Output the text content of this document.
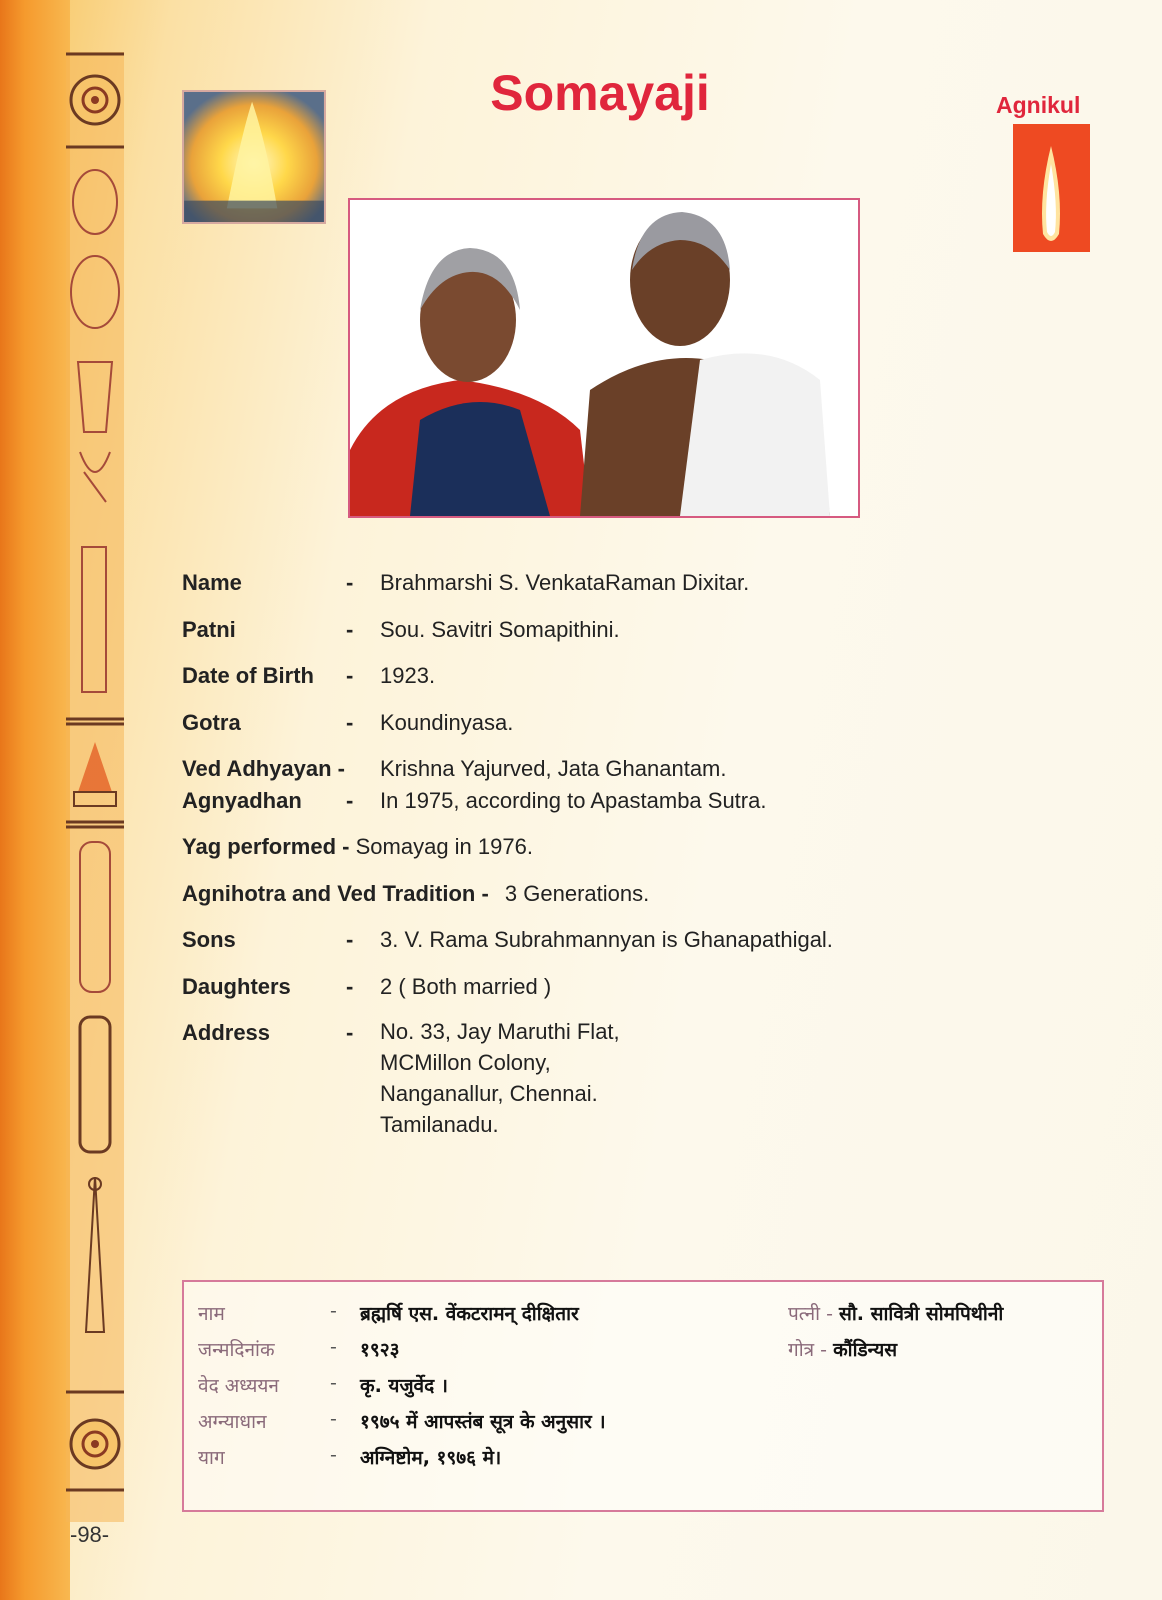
-98-
Somayaji	Agnikul
Name	- Brahmarshi S. VenkataRaman Dixitar.
Patni	- Sou. Savitri Somapithini.
Date of Birth - 1923.
Gotra	- Koundinyasa.
Ved Adhyayan - Krishna Yajurved, Jata Ghanantam.
Agnyadhan - In 1975, according to Apastamba Sutra.
Yag performed - Somayag in 1976.
Agnihotra and Ved Tradition - 3 Generations.
Sons	- 3. V. Rama Subrahmannyan is Ghanapathigal.
Daughters	- 2 ( Both married )
Address	- No. 33, Jay Maruthi Flat,
MCMillon Colony,
Nanganallur, Chennai.
Tamilanadu.
नाम	- ब्रह्मर्षि एस. वेंकटरामन् दीक्षितार
जन्मदिनांक	- १९२३
वेद अध्ययन	- कृ. यजुर्वेद ।
अग्न्याधान	- १९७५ में आपस्तंब सूत्र के अनुसार ।
याग	- अग्निष्टोम, १९७६ मे।
पत्नी - सौ. सावित्री सोमपिथीनी
गोत्र - कौंडिन्यस
